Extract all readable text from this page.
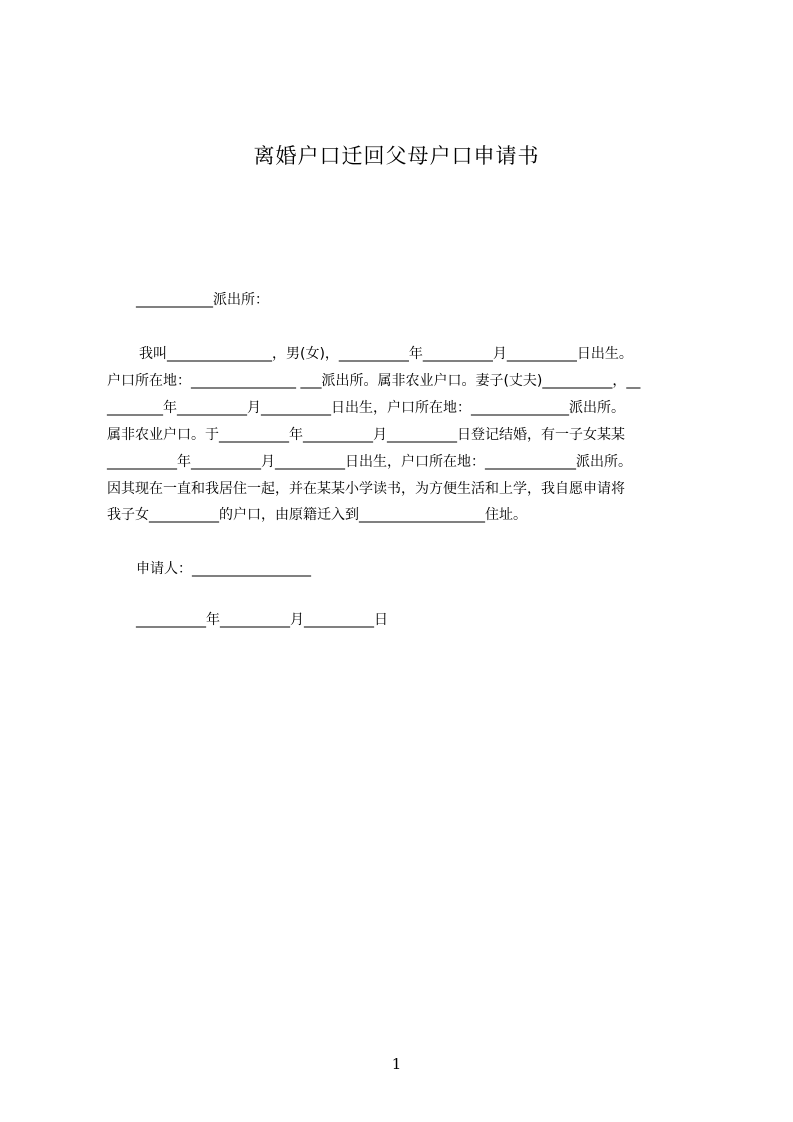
离婚户口迁回父母户口申请书
___________派出所：
我叫_______________，男(女)，__________年__________月__________日出生。
户口所在地：_______________ ___派出所。属非农业户口。妻子(丈夫)__________，__
________年__________月__________日出生，户口所在地：______________派出所。
属非农业户口。于__________年__________月__________日登记结婚，有一子女某某
__________年__________月__________日出生，户口所在地：_____________派出所。
因其现在一直和我居住一起，并在某某小学读书，为方便生活和上学，我自愿申请将
我子女__________的户口，由原籍迁入到__________________住址。
申请人：_________________
__________年__________月__________日
1
